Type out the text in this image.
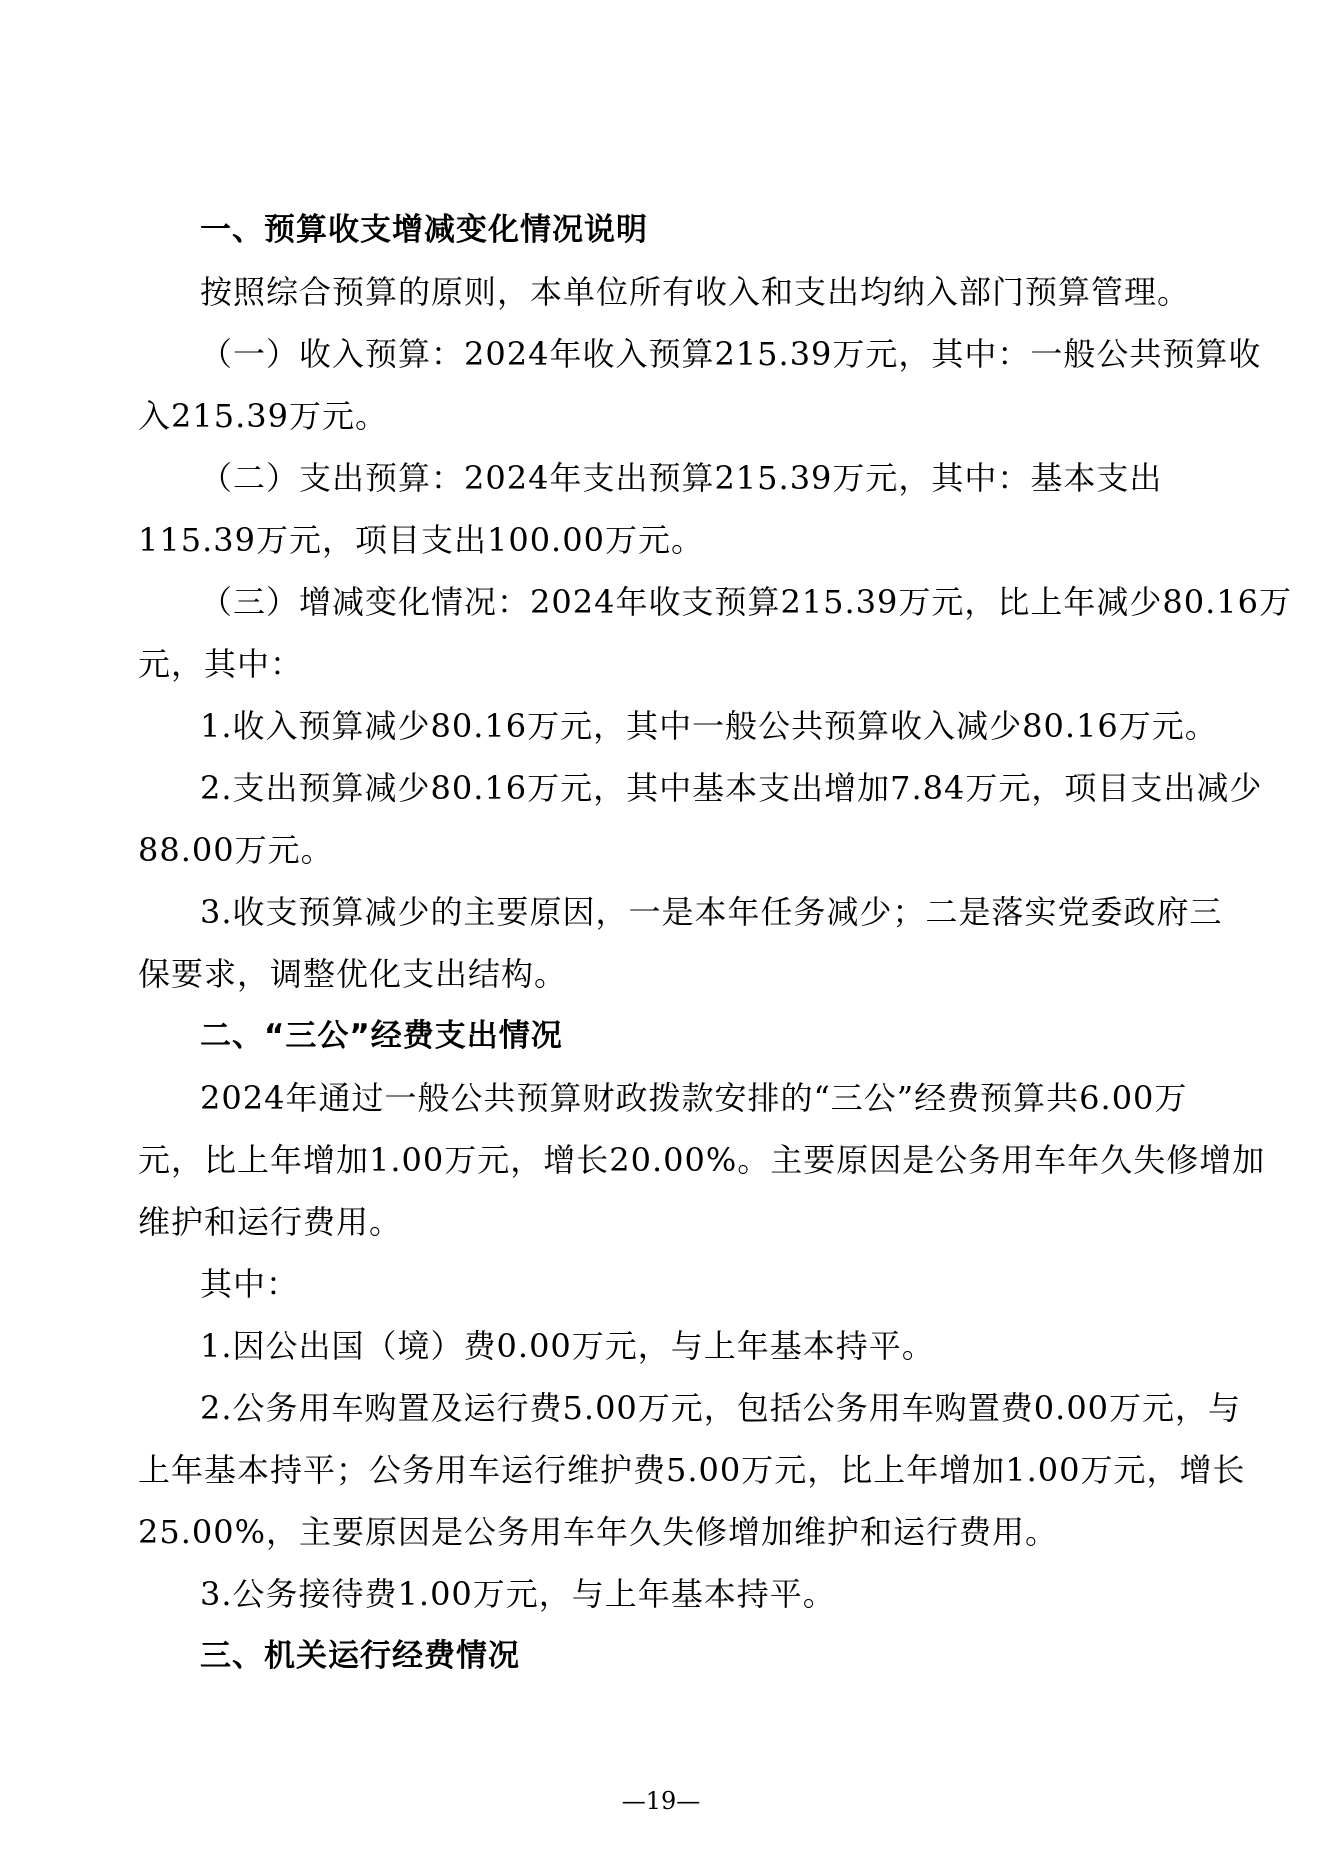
一、预算收支增减变化情况说明
按照综合预算的原则，本单位所有收入和支出均纳入部门预算管理。
（一）收入预算：2024年收入预算215.39万元，其中：一般公共预算收
入215.39万元。
（二）支出预算：2024年支出预算215.39万元，其中：基本支出
115.39万元，项目支出100.00万元。
（三）增减变化情况：2024年收支预算215.39万元，比上年减少80.16万
元，其中：
1.收入预算减少80.16万元，其中一般公共预算收入减少80.16万元。
2.支出预算减少80.16万元，其中基本支出增加7.84万元，项目支出减少
88.00万元。
3.收支预算减少的主要原因，一是本年任务减少；二是落实党委政府三
保要求，调整优化支出结构。
二、“三公”经费支出情况
2024年通过一般公共预算财政拨款安排的“三公”经费预算共6.00万
元，比上年增加1.00万元，增长20.00%。主要原因是公务用车年久失修增加
维护和运行费用。
其中：
1.因公出国（境）费0.00万元，与上年基本持平。
2.公务用车购置及运行费5.00万元，包括公务用车购置费0.00万元，与
上年基本持平；公务用车运行维护费5.00万元，比上年增加1.00万元，增长
25.00%，主要原因是公务用车年久失修增加维护和运行费用。
3.公务接待费1.00万元，与上年基本持平。
三、机关运行经费情况
—19—
